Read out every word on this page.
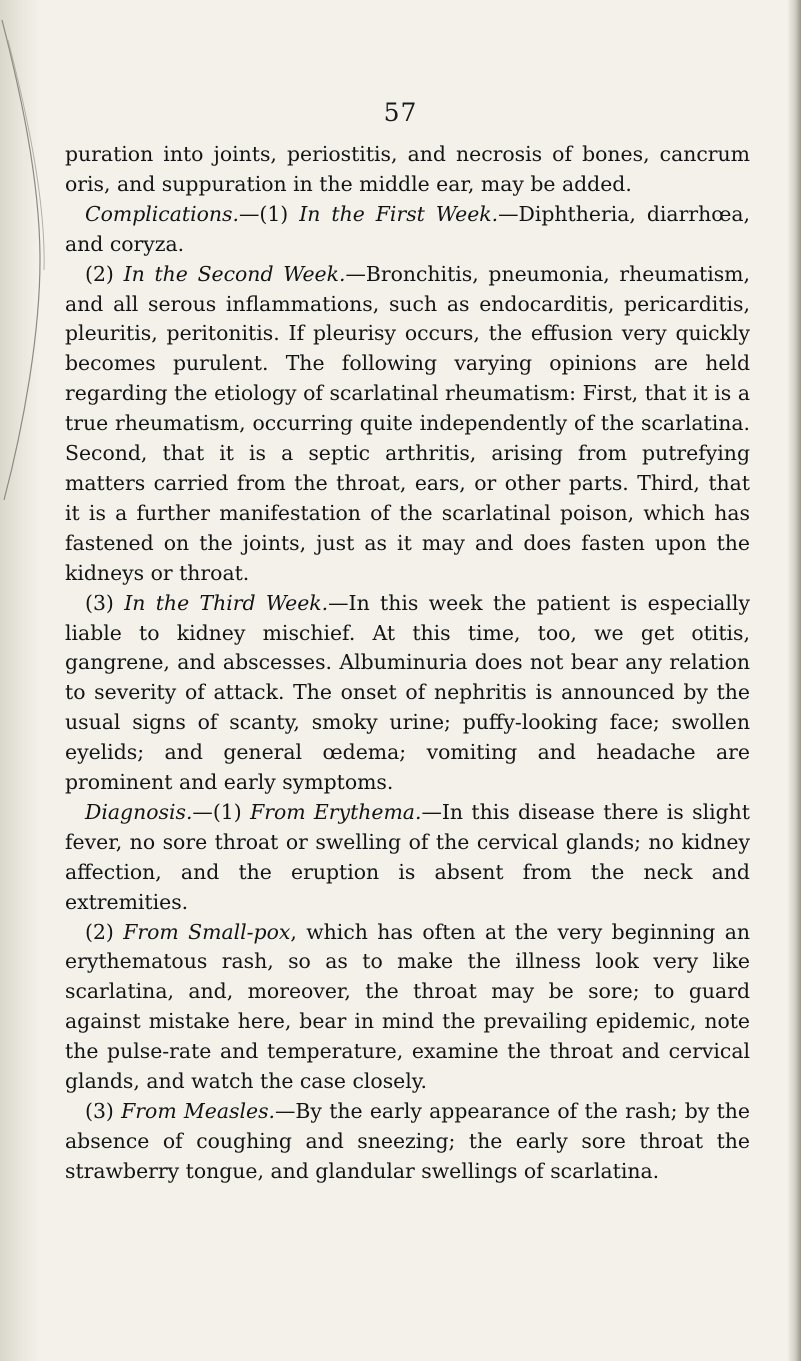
57

puration into joints, periostitis, and necrosis of bones, cancrum oris, and suppuration in the middle ear, may be added.

Complications.—(1) In the First Week.—Diphtheria, diarrhœa, and coryza.

(2) In the Second Week.—Bronchitis, pneumonia, rheumatism, and all serous inflammations, such as endocarditis, pericarditis, pleuritis, peritonitis. If pleurisy occurs, the effusion very quickly becomes purulent. The following varying opinions are held regarding the etiology of scarlatinal rheumatism: First, that it is a true rheumatism, occurring quite independently of the scarlatina. Second, that it is a septic arthritis, arising from putrefying matters carried from the throat, ears, or other parts. Third, that it is a further manifestation of the scarlatinal poison, which has fastened on the joints, just as it may and does fasten upon the kidneys or throat.

(3) In the Third Week.—In this week the patient is especially liable to kidney mischief. At this time, too, we get otitis, gangrene, and abscesses. Albuminuria does not bear any relation to severity of attack. The onset of nephritis is announced by the usual signs of scanty, smoky urine; puffy-looking face; swollen eyelids; and general œdema; vomiting and headache are prominent and early symptoms.

Diagnosis.—(1) From Erythema.—In this disease there is slight fever, no sore throat or swelling of the cervical glands; no kidney affection, and the eruption is absent from the neck and extremities.

(2) From Small-pox, which has often at the very beginning an erythematous rash, so as to make the illness look very like scarlatina, and, moreover, the throat may be sore; to guard against mistake here, bear in mind the prevailing epidemic, note the pulse-rate and temperature, examine the throat and cervical glands, and watch the case closely.

(3) From Measles.—By the early appearance of the rash; by the absence of coughing and sneezing; the early sore throat the strawberry tongue, and glandular swellings of scarlatina.
